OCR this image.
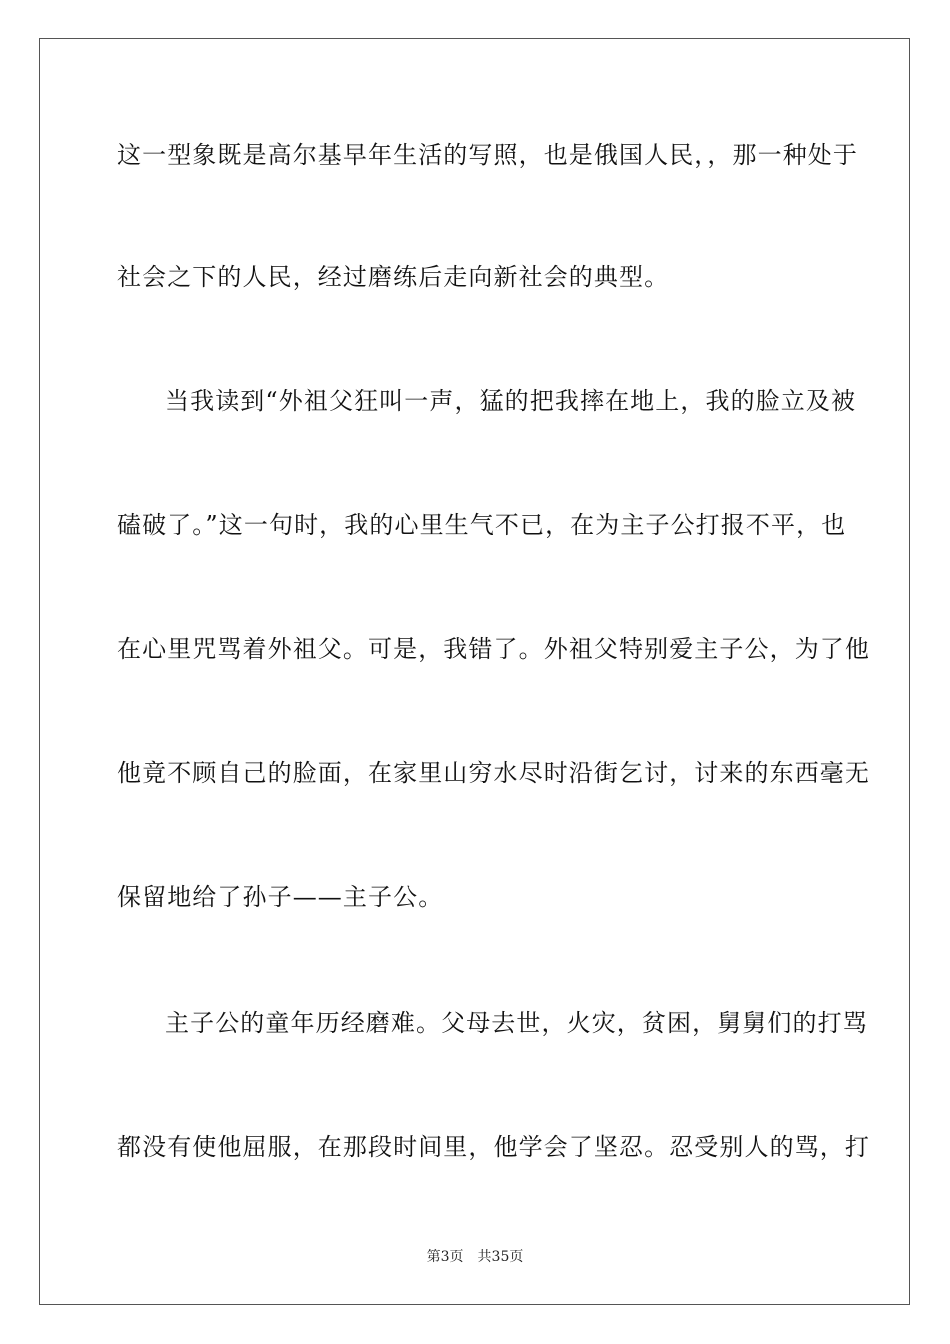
这一型象既是高尔基早年生活的写照，也是俄国人民，，那一种处于
社会之下的人民，经过磨练后走向新社会的典型。
当我读到“外祖父狂叫一声，猛的把我摔在地上，我的脸立及被
磕破了。”这一句时，我的心里生气不已，在为主子公打报不平，也
在心里咒骂着外祖父。可是，我错了。外祖父特别爱主子公，为了他
他竟不顾自己的脸面，在家里山穷水尽时沿街乞讨，讨来的东西毫无
保留地给了孙子——主子公。
主子公的童年历经磨难。父母去世，火灾，贫困，舅舅们的打骂
都没有使他屈服，在那段时间里，他学会了坚忍。忍受别人的骂，打
第3页 共35页
